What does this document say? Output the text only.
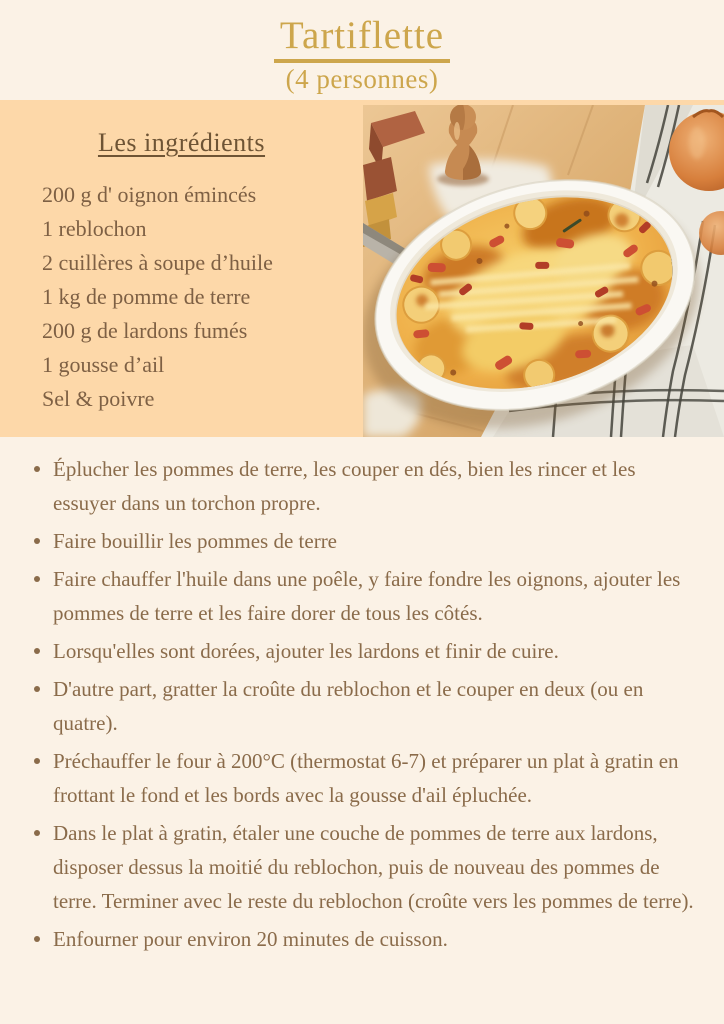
Tartiflette
(4 personnes)
Les ingrédients
200 g d' oignon émincés
1 reblochon
2 cuillères à soupe d’huile
1 kg de pomme de terre
200 g de lardons fumés
1 gousse d’ail
Sel & poivre
Éplucher les pommes de terre, les couper en dés, bien les rincer et les essuyer dans un torchon propre.
Faire bouillir les pommes de terre
Faire chauffer l'huile dans une poêle, y faire fondre les oignons, ajouter les pommes de terre et les faire dorer de tous les côtés.
Lorsqu'elles sont dorées, ajouter les lardons et finir de cuire.
D'autre part, gratter la croûte du reblochon et le couper en deux (ou en quatre).
Préchauffer le four à 200°C (thermostat 6-7) et préparer un plat à gratin en frottant le fond et les bords avec la gousse d'ail épluchée.
Dans le plat à gratin, étaler une couche de pommes de terre aux lardons, disposer dessus la moitié du reblochon, puis de nouveau des pommes de terre. Terminer avec le reste du reblochon (croûte vers les pommes de terre).
Enfourner pour environ 20 minutes de cuisson.
